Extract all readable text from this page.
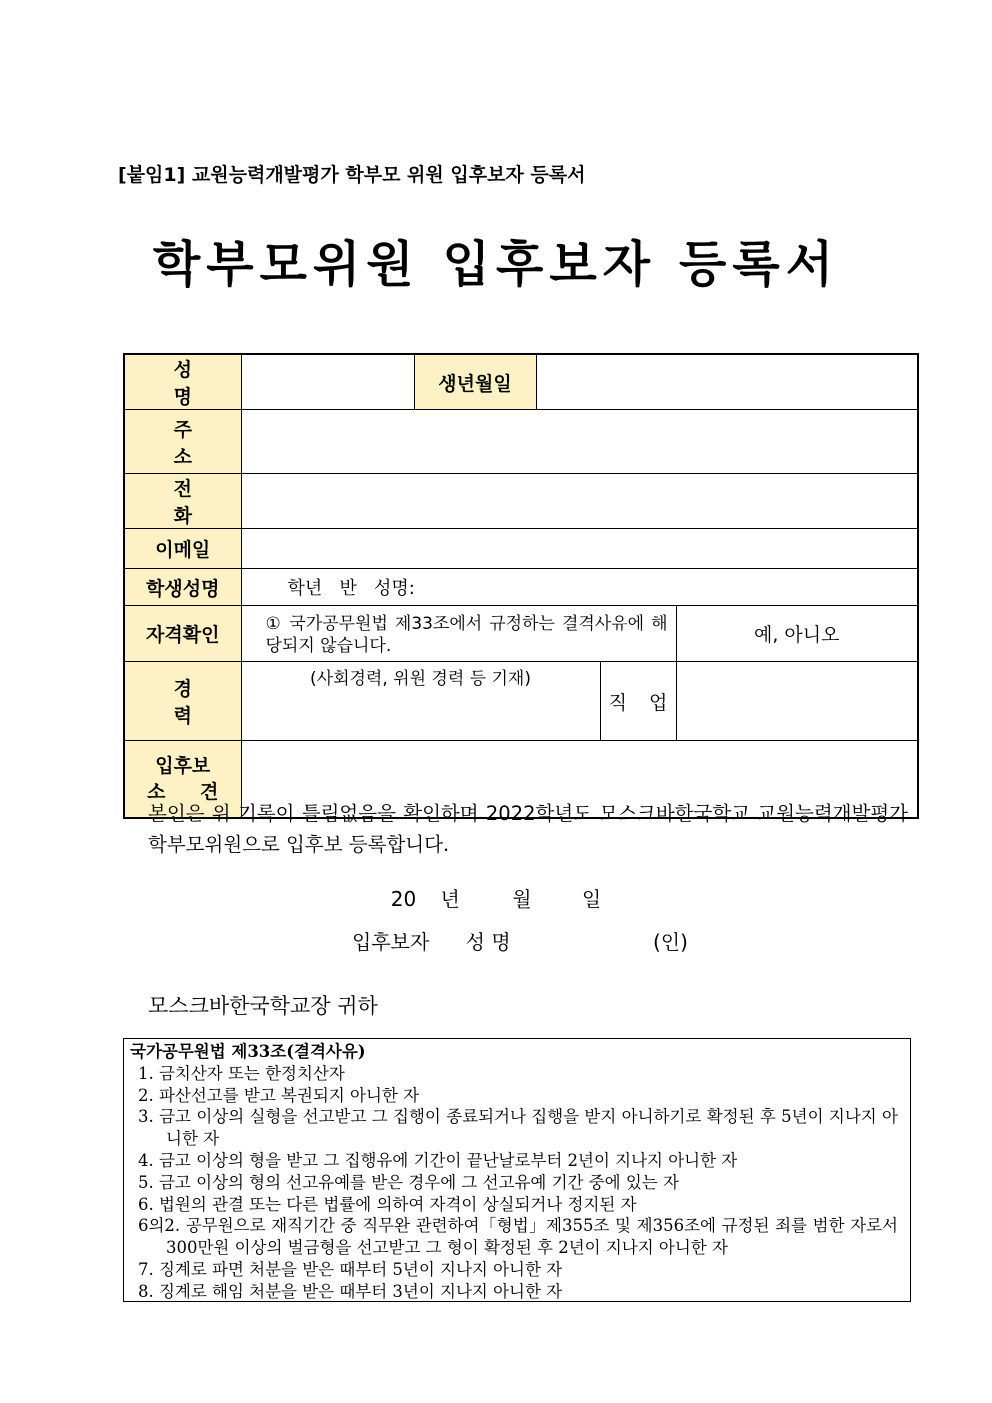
[붙임1] 교원능력개발평가 학부모 위원 입후보자 등록서
학부모위원 입후보자 등록서
성 명		생년월일			
주 소					
전 화					
이메일					
학생성명	학년   반   성명:				
자격확인	① 국가공무원법 제33조에서 규정하는 결격사유에 해당되지 않습니다.				예, 아니오
경 력	(사회경력, 위원 경력 등 기재)			직 업	

입후보
소 견					

본인은 위 기록이 틀림없음을 확인하며 2022학년도 모스크바한국학교 교원능력개발평가 학부모위원으로 입후보 등록합니다.
20 년	월	일
입후보자 성 명	(인)
모스크바한국학교장 귀하
국가공무원법 제33조(결격사유)
1. 금치산자 또는 한정치산자
2. 파산선고를 받고 복권되지 아니한 자
3. 금고 이상의 실형을 선고받고 그 집행이 종료되거나 집행을 받지 아니하기로 확정된 후 5년이 지나지 아니한 자
4. 금고 이상의 형을 받고 그 집행유에 기간이 끝난날로부터 2년이 지나지 아니한 자
5. 금고 이상의 형의 선고유예를 받은 경우에 그 선고유예 기간 중에 있는 자
6. 법원의 관결 또는 다른 법률에 의하여 자격이 상실되거나 정지된 자
6의2. 공무원으로 재직기간 중 직무완 관련하여「형법」제355조 및 제356조에 규정된 죄를 범한 자로서 300만원 이상의 벌금형을 선고받고 그 형이 확정된 후 2년이 지나지 아니한 자
7. 징계로 파면 처분을 받은 때부터 5년이 지나지 아니한 자
8. 징계로 해임 처분을 받은 때부터 3년이 지나지 아니한 자
